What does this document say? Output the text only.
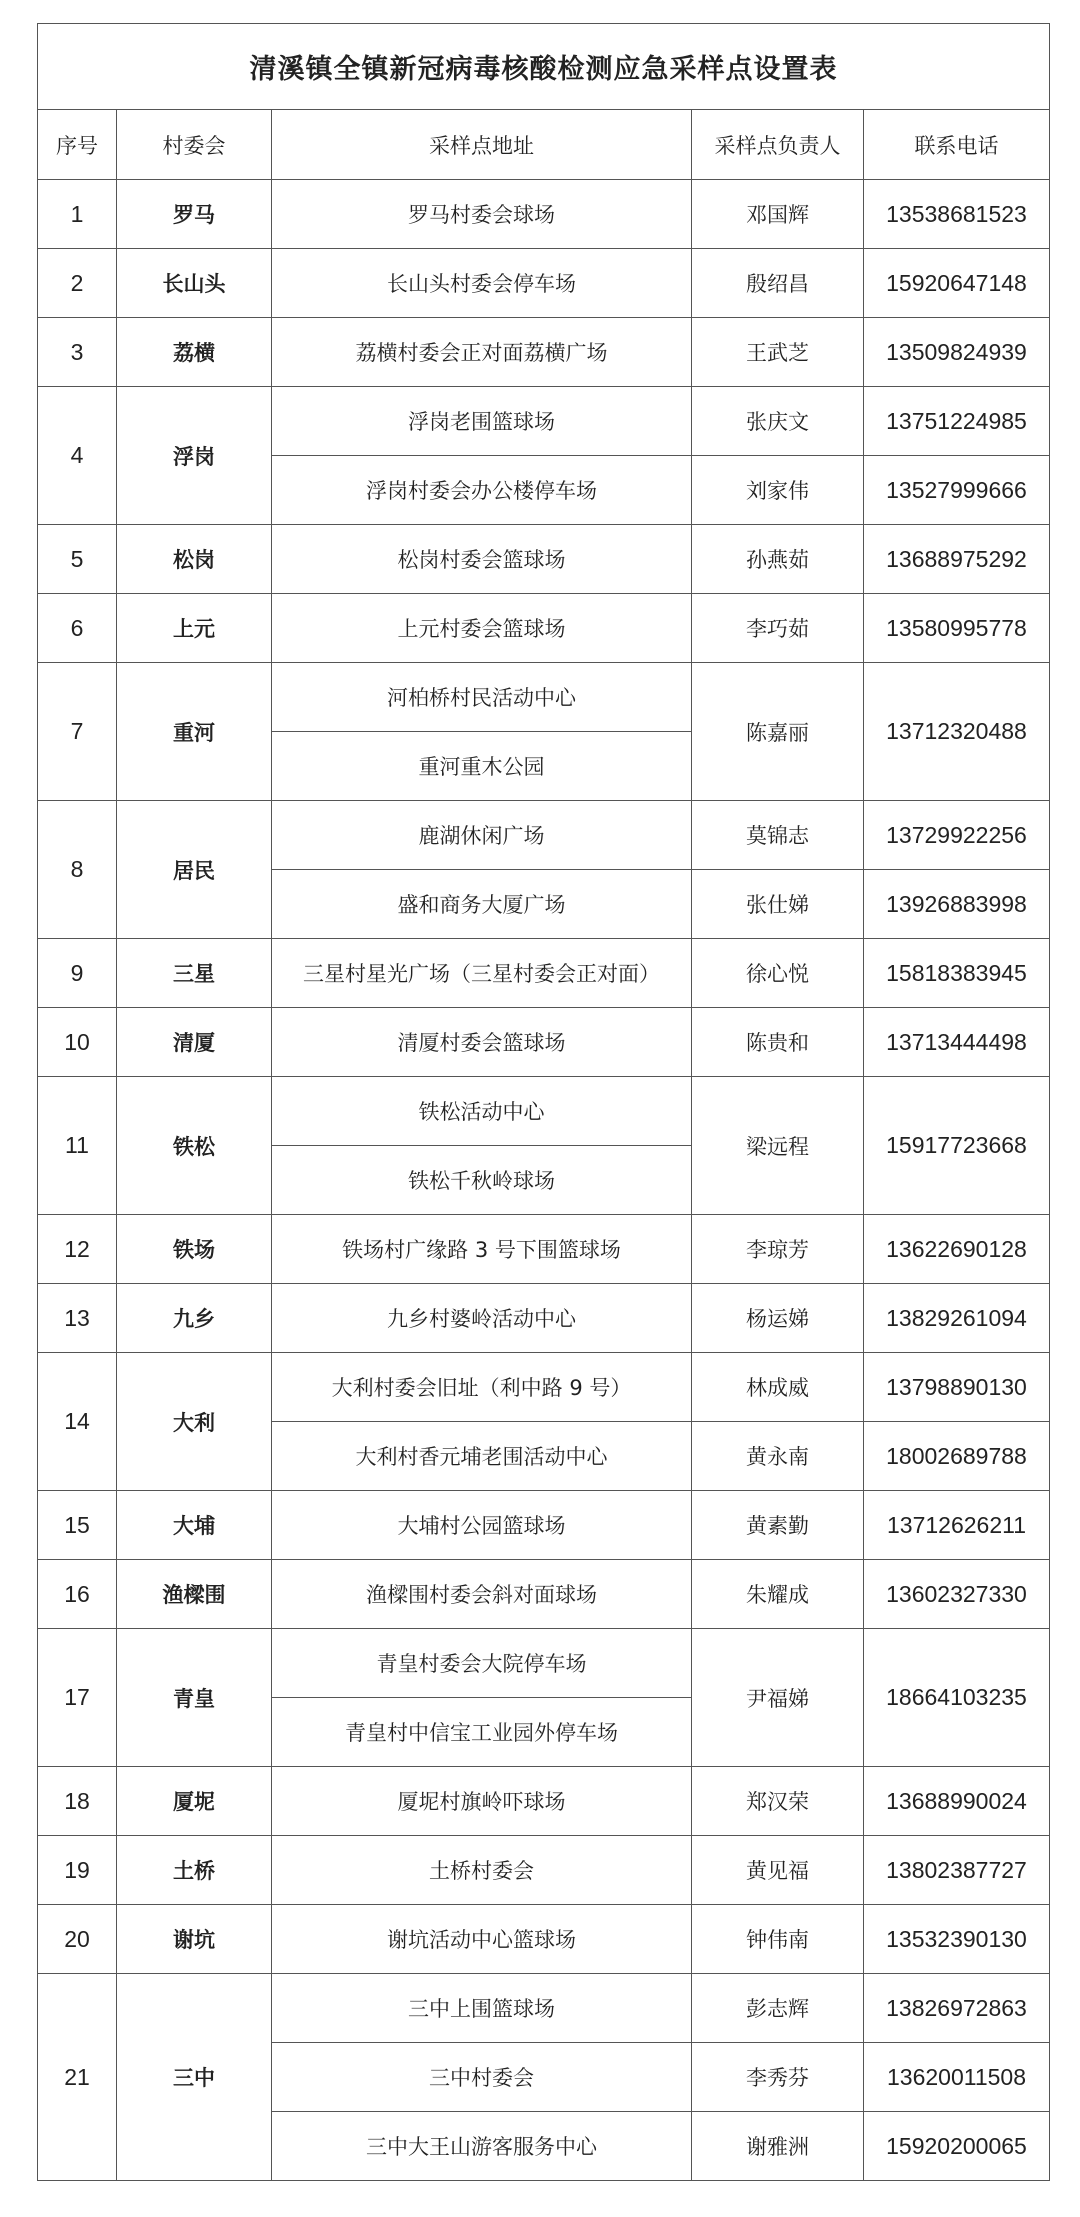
清溪镇全镇新冠病毒核酸检测应急采样点设置表				
序号	村委会	采样点地址	采样点负责人	联系电话
1	罗马	罗马村委会球场	邓国辉	13538681523
2	长山头	长山头村委会停车场	殷绍昌	15920647148
3	荔横	荔横村委会正对面荔横广场	王武芝	13509824939
4	浮岗	浮岗老围篮球场	张庆文	13751224985
		浮岗村委会办公楼停车场	刘家伟	13527999666
5	松岗	松岗村委会篮球场	孙燕茹	13688975292
6	上元	上元村委会篮球场	李巧茹	13580995778
7	重河	河柏桥村民活动中心	陈嘉丽	13712320488
		重河重木公园		
8	居民	鹿湖休闲广场	莫锦志	13729922256
		盛和商务大厦广场	张仕娣	13926883998
9	三星	三星村星光广场（三星村委会正对面）	徐心悦	15818383945
10	清厦	清厦村委会篮球场	陈贵和	13713444498
11	铁松	铁松活动中心	梁远程	15917723668
		铁松千秋岭球场		
12	铁场	铁场村广缘路 3 号下围篮球场	李琼芳	13622690128
13	九乡	九乡村婆岭活动中心	杨运娣	13829261094
14	大利	大利村委会旧址（利中路 9 号）	林成威	13798890130
		大利村香元埔老围活动中心	黄永南	18002689788
15	大埔	大埔村公园篮球场	黄素勤	13712626211
16	渔樑围	渔樑围村委会斜对面球场	朱耀成	13602327330
17	青皇	青皇村委会大院停车场	尹福娣	18664103235
		青皇村中信宝工业园外停车场		
18	厦坭	厦坭村旗岭吓球场	郑汉荣	13688990024
19	土桥	土桥村委会	黄见福	13802387727
20	谢坑	谢坑活动中心篮球场	钟伟南	13532390130
21	三中	三中上围篮球场	彭志辉	13826972863
		三中村委会	李秀芬	13620011508
		三中大王山游客服务中心	谢雅洲	15920200065
